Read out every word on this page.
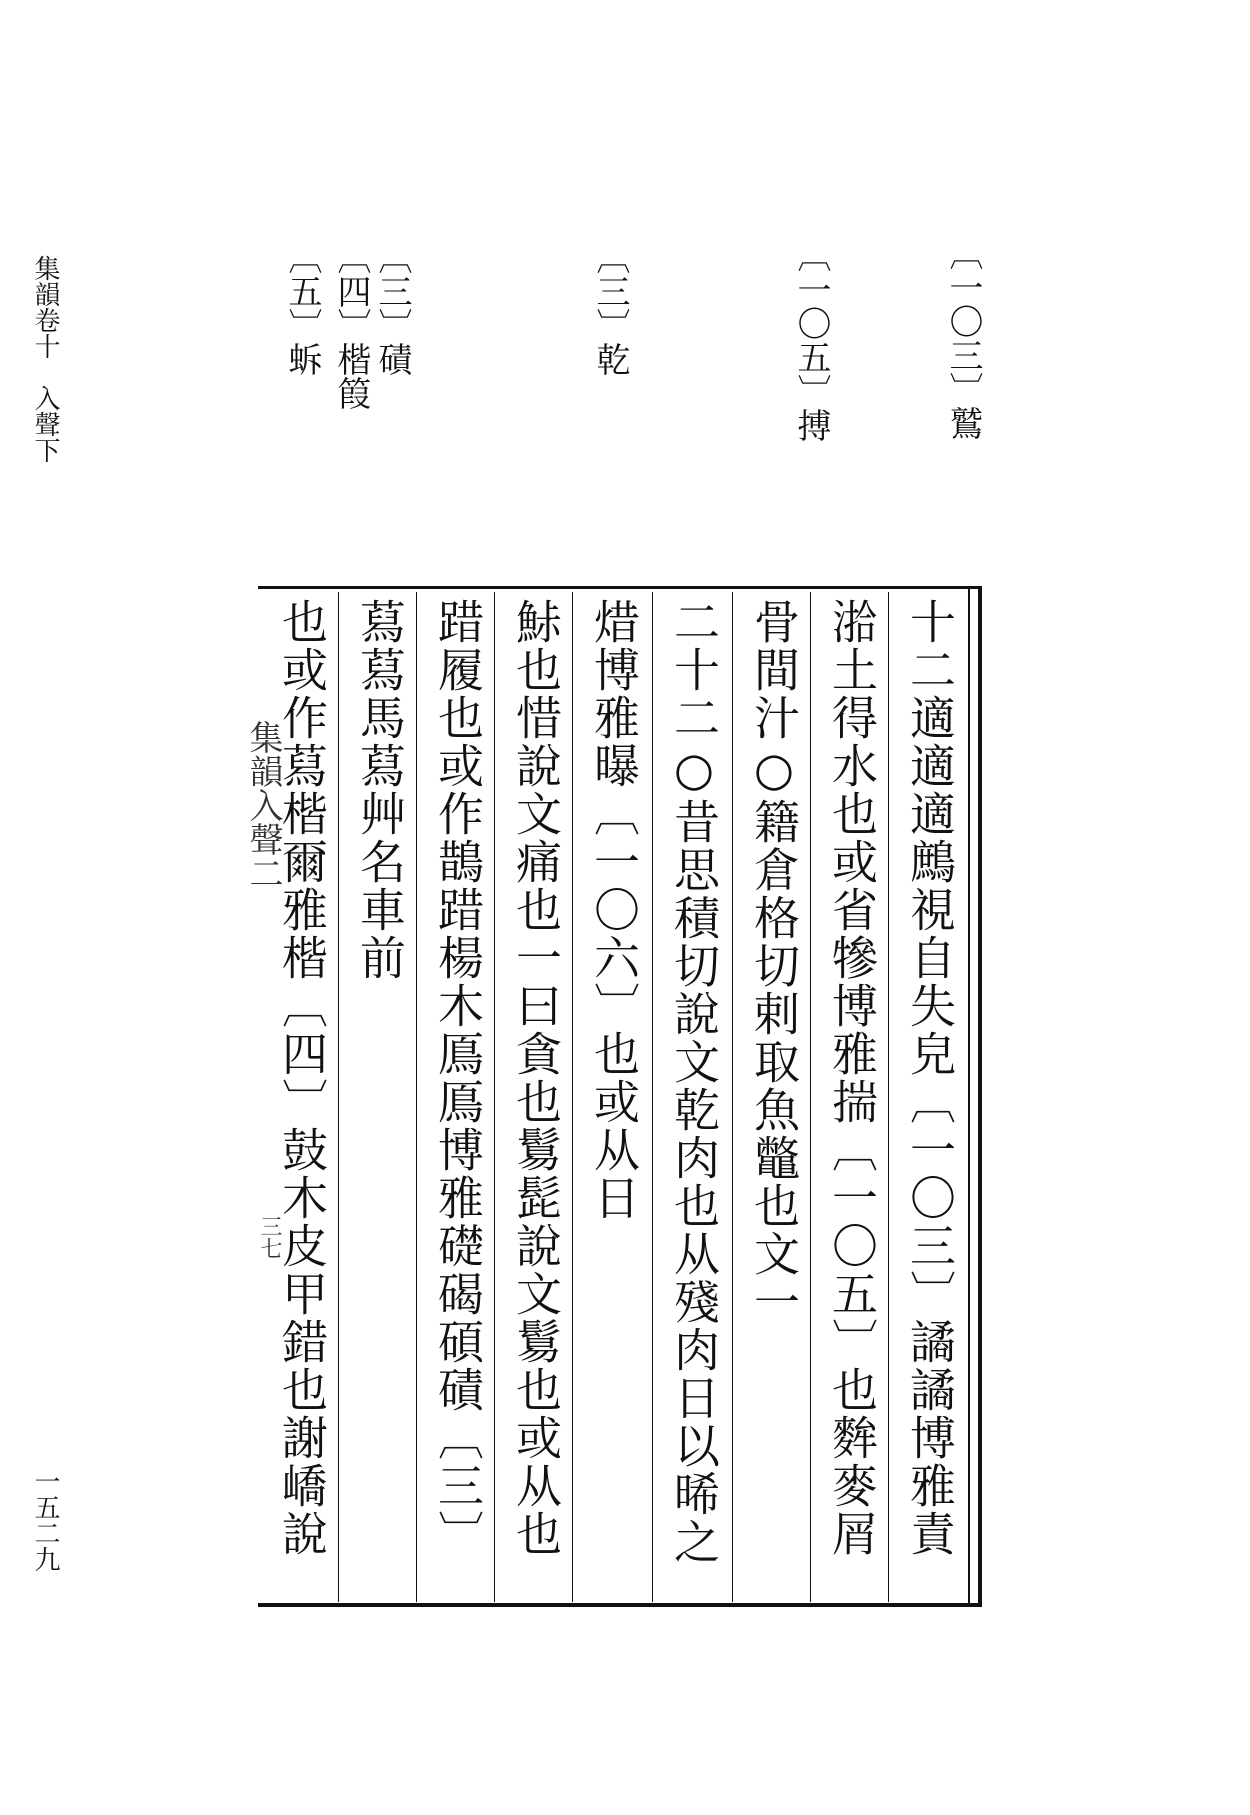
集韻卷十　入聲下
一五二九
〔一〇三〕鷲
〔一〇五〕搏
〔三〕乾
〔三〕磧
〔四〕楷䈔
〔五〕蚸
集韻入聲二
三七
十二適適適鷓視自失皃〔一〇三〕譎譎博雅責
湁土得水也或省犙博雅揣〔一〇五〕也麰麥屑
骨間汁○籍倉格切剌取魚鼈也文一
二十二○昔思積切說文乾肉也从殘肉日以晞之
焟博雅曝〔一〇六〕也或从日
鮛也惜說文痛也一曰貪也鬄髭說文鬄也或从也
踖履也或作鵲踖楊木鳫鳫博雅礎碣碩磧〔三〕
蕮蕮馬蕮艸名車前
也或作蕮楷爾雅楷〔四〕鼓木皮甲錯也謝嶠說
